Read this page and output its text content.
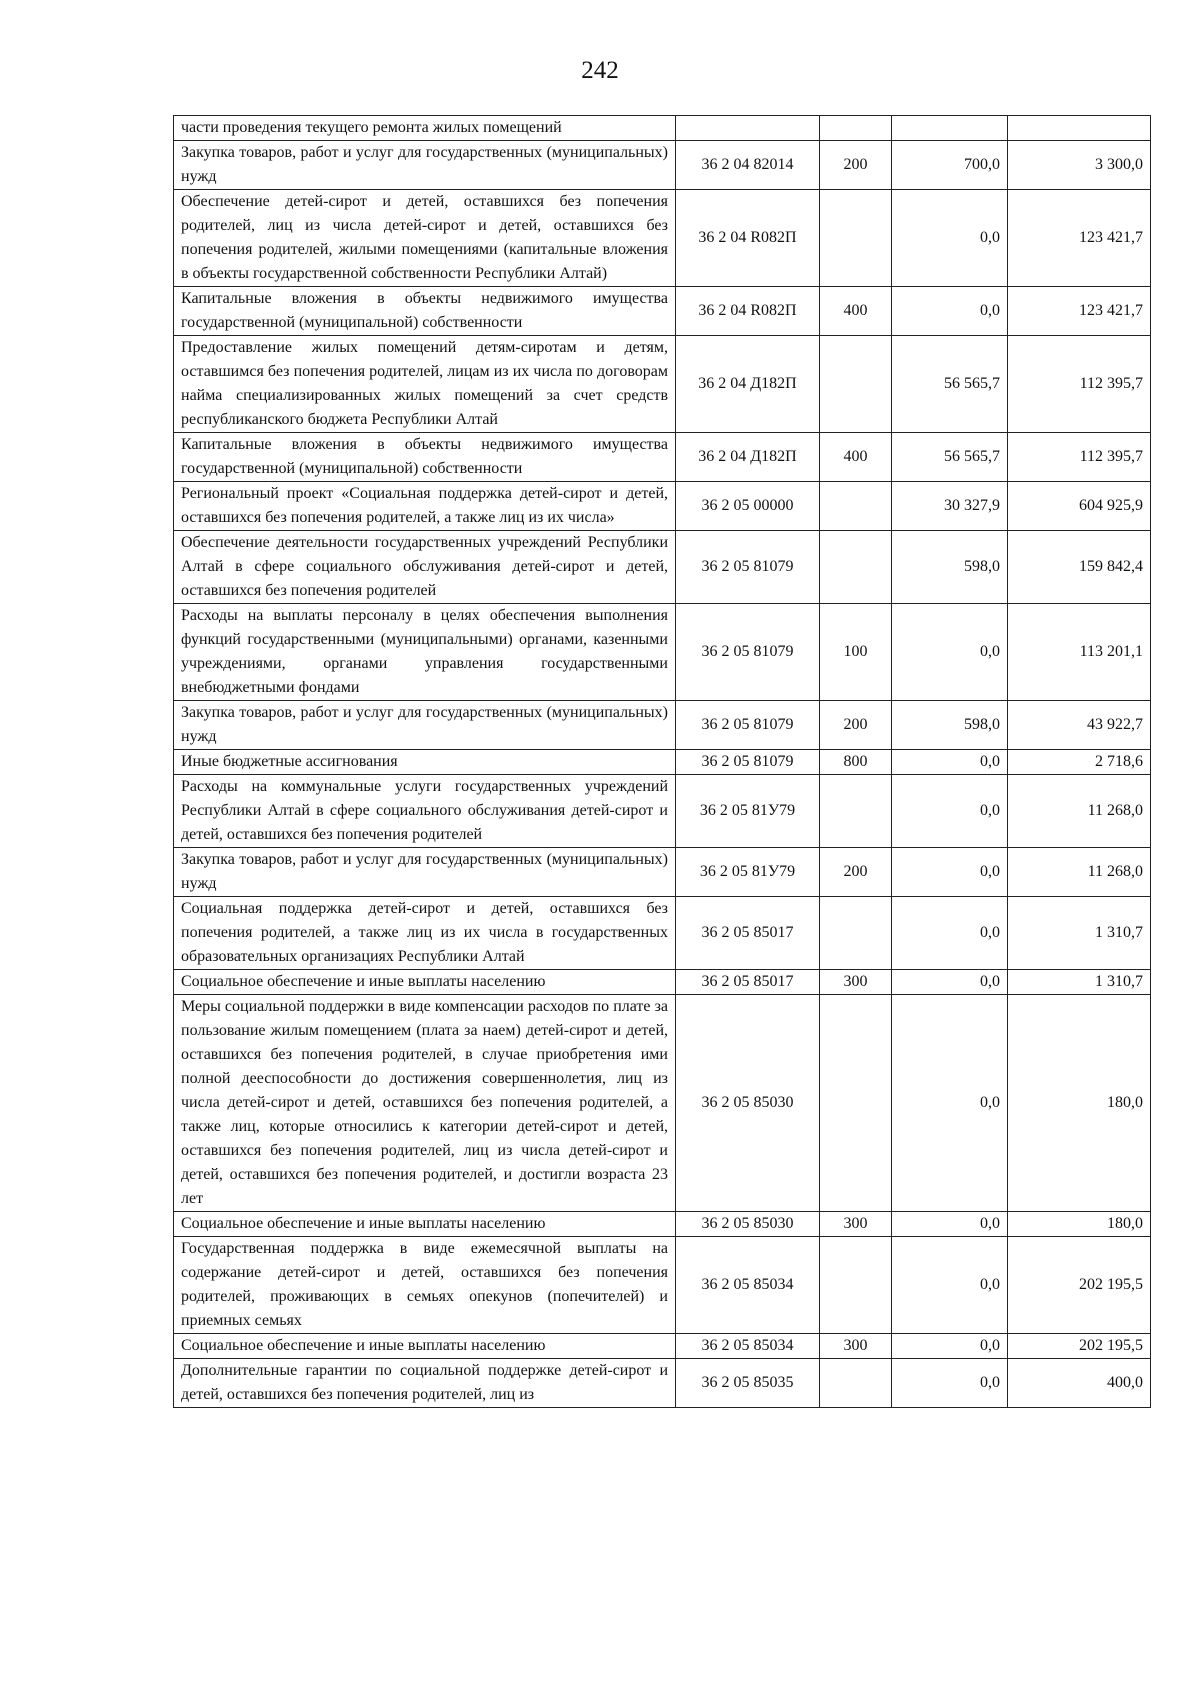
242
части проведения текущего ремонта жилых помещений				
Закупка товаров, работ и услуг для государственных (муниципальных) нужд	36 2 04 82014	200	700,0	3 300,0
Обеспечение детей-сирот и детей, оставшихся без попечения родителей, лиц из числа детей-сирот и детей, оставшихся без попечения родителей, жилыми помещениями (капитальные вложения в объекты государственной собственности Республики Алтай)	36 2 04 R082П		0,0	123 421,7
Капитальные вложения в объекты недвижимого имущества государственной (муниципальной) собственности	36 2 04 R082П	400	0,0	123 421,7
Предоставление жилых помещений детям-сиротам и детям, оставшимся без попечения родителей, лицам из их числа по договорам найма специализированных жилых помещений за счет средств республиканского бюджета Республики Алтай	36 2 04 Д182П		56 565,7	112 395,7
Капитальные вложения в объекты недвижимого имущества государственной (муниципальной) собственности	36 2 04 Д182П	400	56 565,7	112 395,7
Региональный проект «Социальная поддержка детей-сирот и детей, оставшихся без попечения родителей, а также лиц из их числа»	36 2 05 00000		30 327,9	604 925,9
Обеспечение деятельности государственных учреждений Республики Алтай в сфере социального обслуживания детей-сирот и детей, оставшихся без попечения родителей	36 2 05 81079		598,0	159 842,4
Расходы на выплаты персоналу в целях обеспечения выполнения функций государственными (муниципальными) органами, казенными учреждениями, органами управления государственными внебюджетными фондами	36 2 05 81079	100	0,0	113 201,1
Закупка товаров, работ и услуг для государственных (муниципальных) нужд	36 2 05 81079	200	598,0	43 922,7
Иные бюджетные ассигнования	36 2 05 81079	800	0,0	2 718,6
Расходы на коммунальные услуги государственных учреждений Республики Алтай в сфере социального обслуживания детей-сирот и детей, оставшихся без попечения родителей	36 2 05 81У79		0,0	11 268,0
Закупка товаров, работ и услуг для государственных (муниципальных) нужд	36 2 05 81У79	200	0,0	11 268,0
Социальная поддержка детей-сирот и детей, оставшихся без попечения родителей, а также лиц из их числа в государственных образовательных организациях Республики Алтай	36 2 05 85017		0,0	1 310,7
Социальное обеспечение и иные выплаты населению	36 2 05 85017	300	0,0	1 310,7
Меры социальной поддержки в виде компенсации расходов по плате за пользование жилым помещением (плата за наем) детей-сирот и детей, оставшихся без попечения родителей, в случае приобретения ими полной дееспособности до достижения совершеннолетия, лиц из числа детей-сирот и детей, оставшихся без попечения родителей, а также лиц, которые относились к категории детей-сирот и детей, оставшихся без попечения родителей, лиц из числа детей-сирот и детей, оставшихся без попечения родителей, и достигли возраста 23 лет	36 2 05 85030		0,0	180,0
Социальное обеспечение и иные выплаты населению	36 2 05 85030	300	0,0	180,0
Государственная поддержка в виде ежемесячной выплаты на содержание детей-сирот и детей, оставшихся без попечения родителей, проживающих в семьях опекунов (попечителей) и приемных семьях	36 2 05 85034		0,0	202 195,5
Социальное обеспечение и иные выплаты населению	36 2 05 85034	300	0,0	202 195,5
Дополнительные гарантии по социальной поддержке детей-сирот и детей, оставшихся без попечения родителей, лиц из	36 2 05 85035		0,0	400,0
